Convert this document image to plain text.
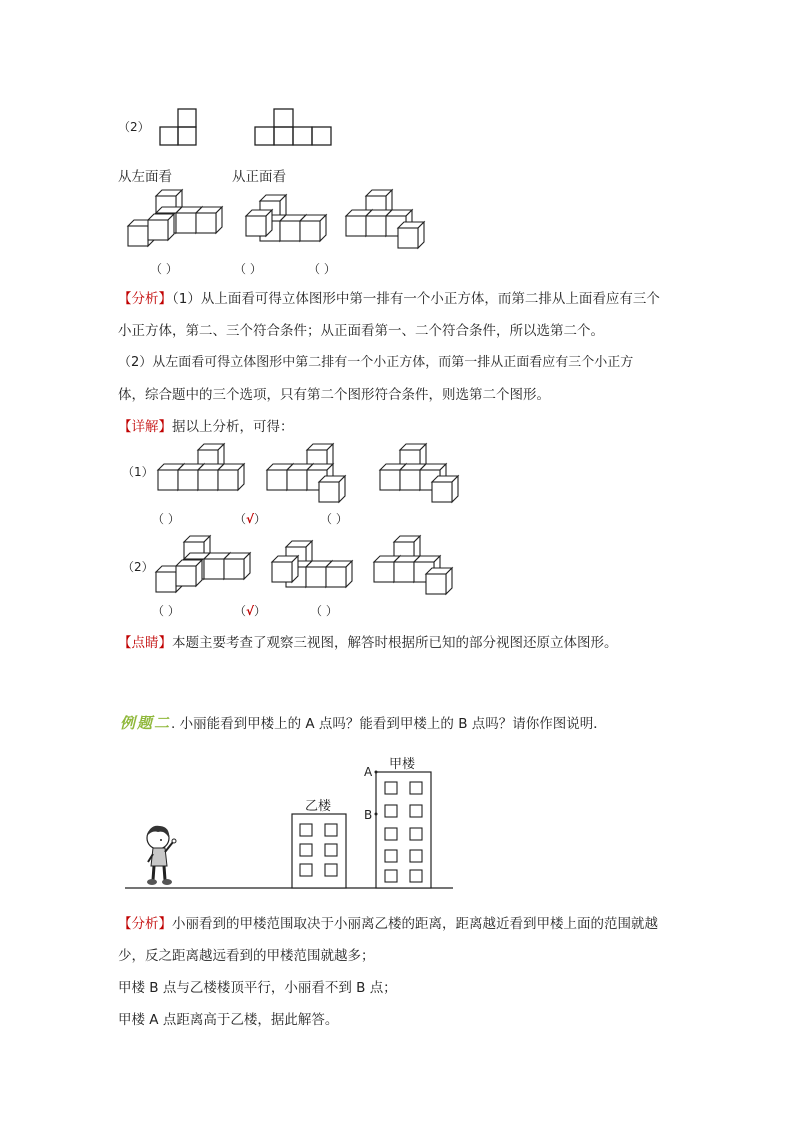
（2）
从左面看	从正面看
（ ）	（ ）	（ ）
【分析】（1）从上面看可得立体图形中第一排有一个小正方体，而第二排从上面看应有三个
小正方体，第二、三个符合条件；从正面看第一、二个符合条件，所以选第二个。
（2）从左面看可得立体图形中第二排有一个小正方体，而第一排从正面看应有三个小正方
体，综合题中的三个选项，只有第二个图形符合条件，则选第二个图形。
【详解】据以上分析，可得：
（1）
（ ）	（√）	（ ）
（2）
（ ）	（√）	（ ）
【点睛】本题主要考查了观察三视图，解答时根据所已知的部分视图还原立体图形。
例题二. 小丽能看到甲楼上的 A 点吗？能看到甲楼上的 B 点吗？请你作图说明．
乙楼
甲楼
A
B
【分析】小丽看到的甲楼范围取决于小丽离乙楼的距离，距离越近看到甲楼上面的范围就越
少，反之距离越远看到的甲楼范围就越多；
甲楼 B 点与乙楼楼顶平行，小丽看不到 B 点；
甲楼 A 点距离高于乙楼，据此解答。
